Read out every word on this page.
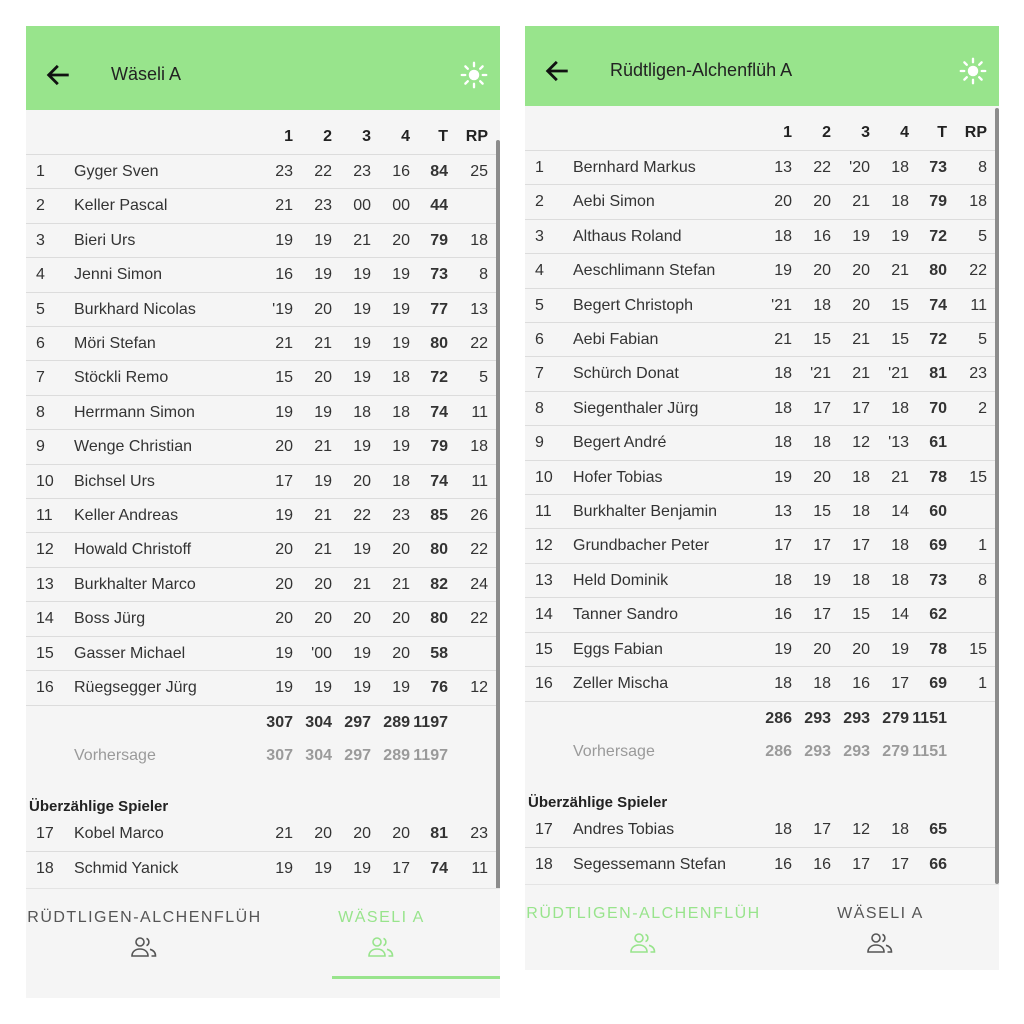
Wäseli A
1 2 3 4 T RP
1 Gyger Sven	23 22 23 16 84 25
2 Keller Pascal	21 23 00 00 44
3 Bieri Urs	19 19 21 20 79 18
4 Jenni Simon	16 19 19 19 73 8
5 Burkhard Nicolas	'19 20 19 19 77 13
6 Möri Stefan	21 21 19 19 80 22
7 Stöckli Remo	15 20 19 18 72 5
8 Herrmann Simon	19 19 18 18 74 11
9 Wenge Christian	20 21 19 19 79 18
10 Bichsel Urs	17 19 20 18 74 11
11 Keller Andreas	19 21 22 23 85 26
12 Howald Christoff	20 21 19 20 80 22
13 Burkhalter Marco	20 20 21 21 82 24
14 Boss Jürg	20 20 20 20 80 22
15 Gasser Michael	19 '00 19 20 58
16 Rüegsegger Jürg	19 19 19 19 76 12
307 304 297 289 1197
Vorhersage	307 304 297 289 1197
Überzählige Spieler
17 Kobel Marco	21 20 20 20 81 23
18 Schmid Yanick	19 19 19 17 74 11
RÜDTLIGEN-ALCHENFLÜH	WÄSELI A
Rüdtligen-Alchenflüh A
1 2 3 4 T RP
1 Bernhard Markus	13 22 '20 18 73 8
2 Aebi Simon	20 20 21 18 79 18
3 Althaus Roland	18 16 19 19 72 5
4 Aeschlimann Stefan	19 20 20 21 80 22
5 Begert Christoph	'21 18 20 15 74 11
6 Aebi Fabian	21 15 21 15 72 5
7 Schürch Donat	18 '21 21 '21 81 23
8 Siegenthaler Jürg	18 17 17 18 70 2
9 Begert André	18 18 12 '13 61
10 Hofer Tobias	19 20 18 21 78 15
11 Burkhalter Benjamin	13 15 18 14 60
12 Grundbacher Peter	17 17 17 18 69 1
13 Held Dominik	18 19 18 18 73 8
14 Tanner Sandro	16 17 15 14 62
15 Eggs Fabian	19 20 20 19 78 15
16 Zeller Mischa	18 18 16 17 69 1
286 293 293 279 1151
Vorhersage	286 293 293 279 1151
Überzählige Spieler
17 Andres Tobias	18 17 12 18 65
18 Segessemann Stefan	16 16 17 17 66
RÜDTLIGEN-ALCHENFLÜH	WÄSELI A
